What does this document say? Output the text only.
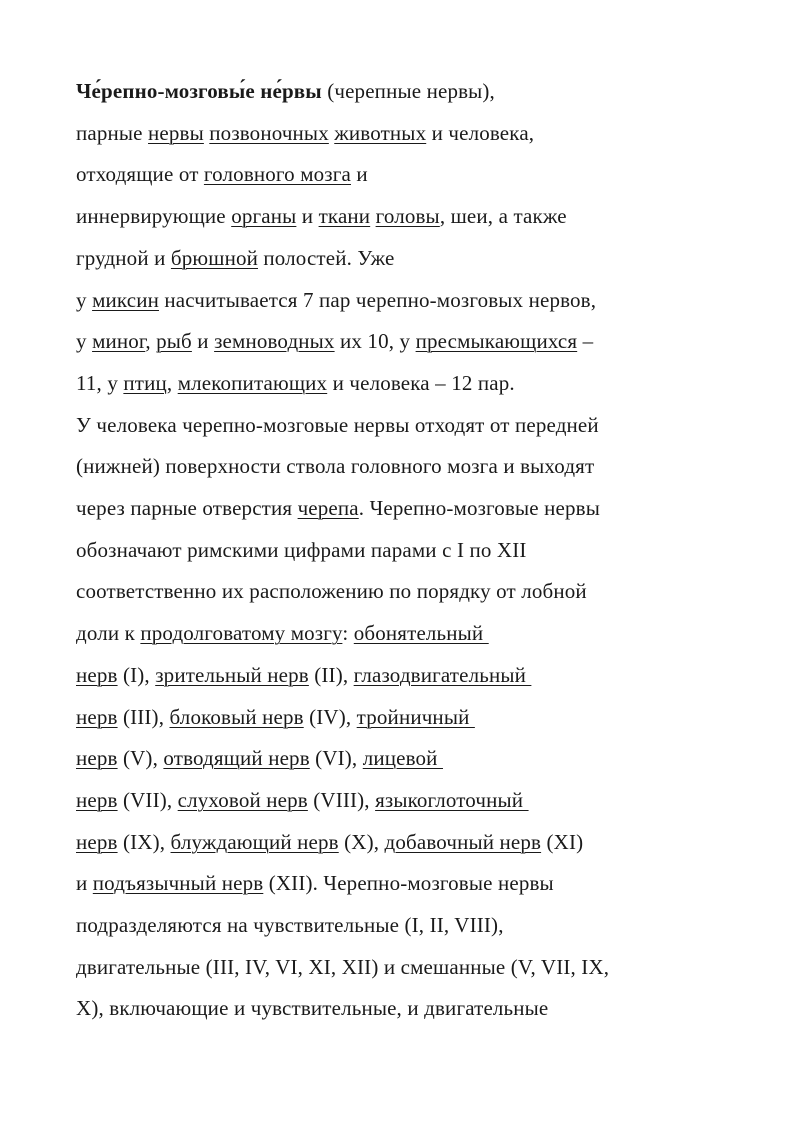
Че́репно-мозговы́е не́рвы (черепные нервы),
парные нервы позвоночных животных и человека,
отходящие от головного мозга и
иннервирующие органы и ткани головы, шеи, а также
грудной и брюшной полостей. Уже
у миксин насчитывается 7 пар черепно-мозговых нервов,
у миног, рыб и земноводных их 10, у пресмыкающихся –
11, у птиц, млекопитающих и человека – 12 пар.
У человека черепно-мозговые нервы отходят от передней
(нижней) поверхности ствола головного мозга и выходят
через парные отверстия черепа. Черепно-мозговые нервы
обозначают римскими цифрами парами с I по XII
соответственно их расположению по порядку от лобной
доли к продолговатому мозгу: обонятельный
нерв (I), зрительный нерв (II), глазодвигательный
нерв (III), блоковый нерв (IV), тройничный
нерв (V), отводящий нерв (VI), лицевой
нерв (VII), слуховой нерв (VIII), языкоглоточный
нерв (IX), блуждающий нерв (X), добавочный нерв (XI)
и подъязычный нерв (XII). Черепно-мозговые нервы
подразделяются на чувствительные (I, II, VIII),
двигательные (III, IV, VI, XI, XII) и смешанные (V, VII, IX,
X), включающие и чувствительные, и двигательные
